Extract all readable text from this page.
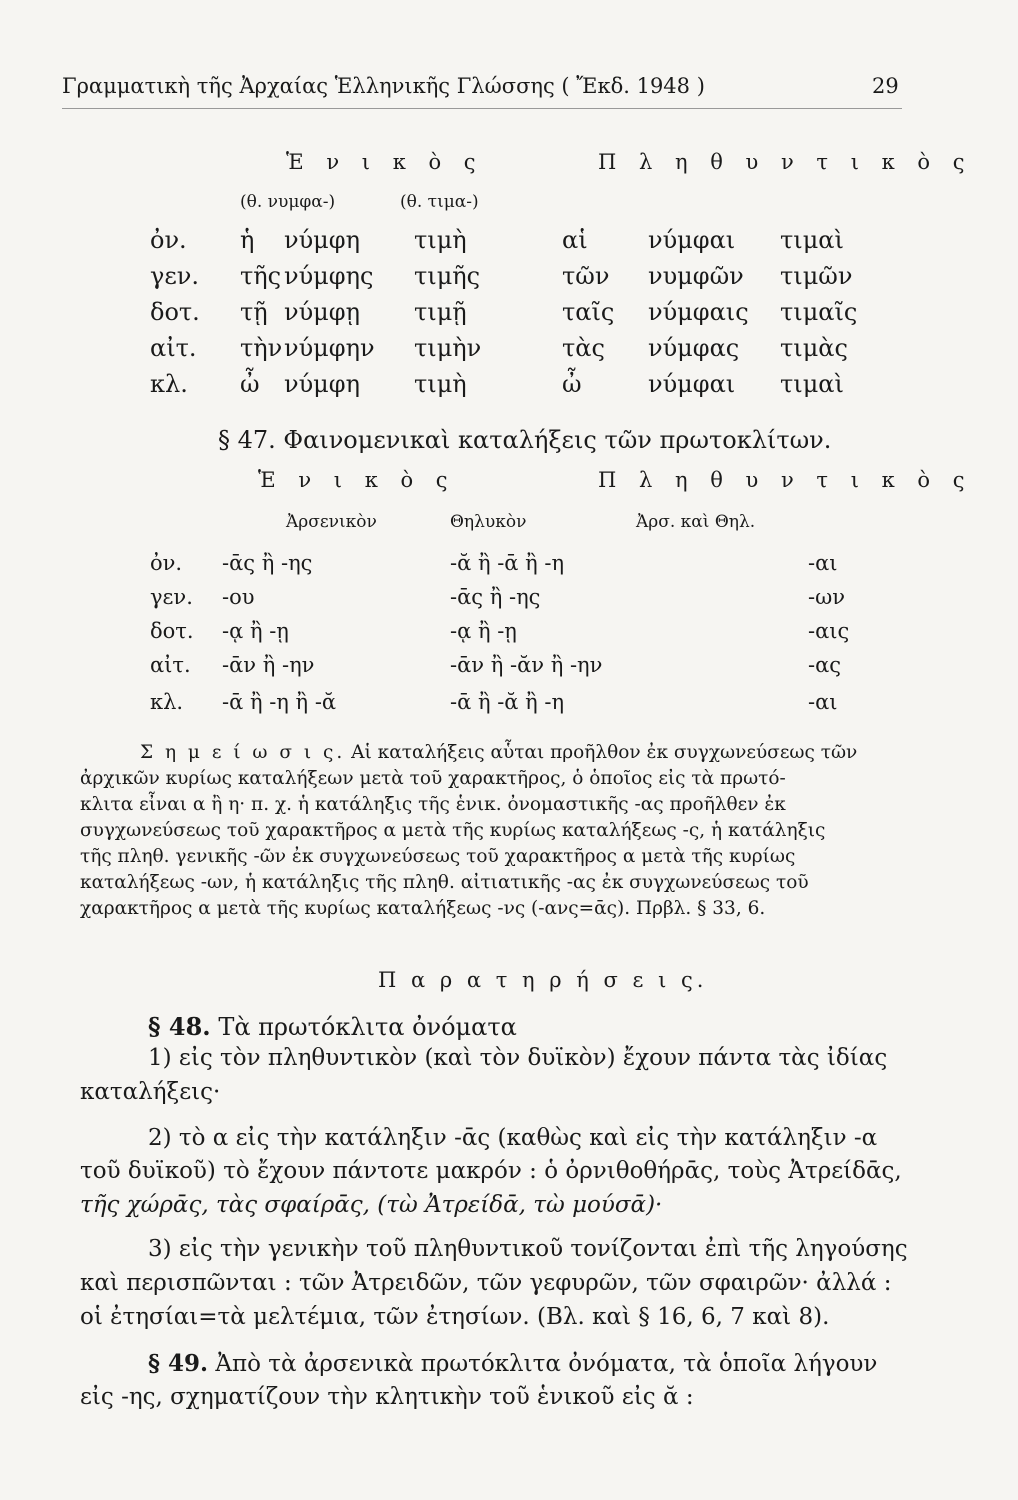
Γραμματικὴ τῆς Ἀρχαίας Ἑλληνικῆς Γλώσσης ( Ἔκδ. 1948 )	29
Ἑ ν ι κ ὸ ς	Π λ η θ υ ν τ ι κ ὸ ς
(θ. νυμφα-)	(θ. τιμα-)
ὀν. ἡ νύμφη τιμὴ	αἱ	νύμφαι τιμαὶ
γεν. τῆς νύμφης τιμῆς	τῶν νυμφῶν τιμῶν
δοτ. τῇ νύμφῃ τιμῇ	ταῖς νύμφαις τιμαῖς
αἰτ. τὴν νύμφην τιμὴν	τὰς νύμφας τιμὰς
κλ. ὦ νύμφη τιμὴ	ὦ	νύμφαι τιμαὶ
§ 47. Φαινομενικαὶ καταλήξεις τῶν πρωτοκλίτων.
Ἑ ν ι κ ὸ ς	Π λ η θ υ ν τ ι κ ὸ ς
Ἀρσενικὸν	Θηλυκὸν	Ἀρσ. καὶ Θηλ.
ὀν. -ᾱς ἢ -ης	-ᾰ ἢ -ᾱ ἢ -η	-αι
γεν. -ου	-ᾱς ἢ -ης	-ων
δοτ. -ᾳ ἢ -ῃ	-ᾳ ἢ -ῃ	-αις
αἰτ. -ᾱν ἢ -ην	-ᾱν ἢ -ᾰν ἢ -ην	-ας
κλ. -ᾱ ἢ -η ἢ -ᾰ	-ᾱ ἢ -ᾰ ἢ -η	-αι
Σ η μ ε ί ω σ ι ς. Αἱ καταλήξεις αὗται προῆλθον ἐκ συγχωνεύσεως τῶν
ἀρχικῶν κυρίως καταλήξεων μετὰ τοῦ χαρακτῆρος, ὁ ὁποῖος εἰς τὰ πρωτό-
κλιτα εἶναι α ἢ η· π. χ. ἡ κατάληξις τῆς ἑνικ. ὀνομαστικῆς -ας προῆλθεν ἐκ
συγχωνεύσεως τοῦ χαρακτῆρος α μετὰ τῆς κυρίως καταλήξεως -ς, ἡ κατάληξις
τῆς πληθ. γενικῆς -ῶν ἐκ συγχωνεύσεως τοῦ χαρακτῆρος α μετὰ τῆς κυρίως
καταλήξεως -ων, ἡ κατάληξις τῆς πληθ. αἰτιατικῆς -ας ἐκ συγχωνεύσεως τοῦ
χαρακτῆρος α μετὰ τῆς κυρίως καταλήξεως -νς (-ανς=ᾱς). Πρβλ. § 33, 6.
Π α ρ α τ η ρ ή σ ε ι ς.
§ 48. Τὰ πρωτόκλιτα ὀνόματα
1) εἰς τὸν πληθυντικὸν (καὶ τὸν δυϊκὸν) ἔχουν πάντα τὰς ἰδίας
καταλήξεις·
2) τὸ α εἰς τὴν κατάληξιν -ᾱς (καθὼς καὶ εἰς τὴν κατάληξιν -α
τοῦ δυϊκοῦ) τὸ ἔχουν πάντοτε μακρόν : ὁ ὀρνιθοθήρᾱς, τοὺς Ἀτρείδᾱς,
τῆς χώρᾱς, τὰς σφαίρᾱς, (τὼ Ἀτρείδᾱ, τὼ μούσᾱ)·
3) εἰς τὴν γενικὴν τοῦ πληθυντικοῦ τονίζονται ἐπὶ τῆς ληγούσης
καὶ περισπῶνται : τῶν Ἀτρειδῶν, τῶν γεφυρῶν, τῶν σφαιρῶν· ἀλλά :
οἱ ἐτησίαι=τὰ μελτέμια, τῶν ἐτησίων. (Βλ. καὶ § 16, 6, 7 καὶ 8).
§ 49. Ἀπὸ τὰ ἀρσενικὰ πρωτόκλιτα ὀνόματα, τὰ ὁποῖα λήγουν
εἰς -ης, σχηματίζουν τὴν κλητικὴν τοῦ ἑνικοῦ εἰς ᾰ :
